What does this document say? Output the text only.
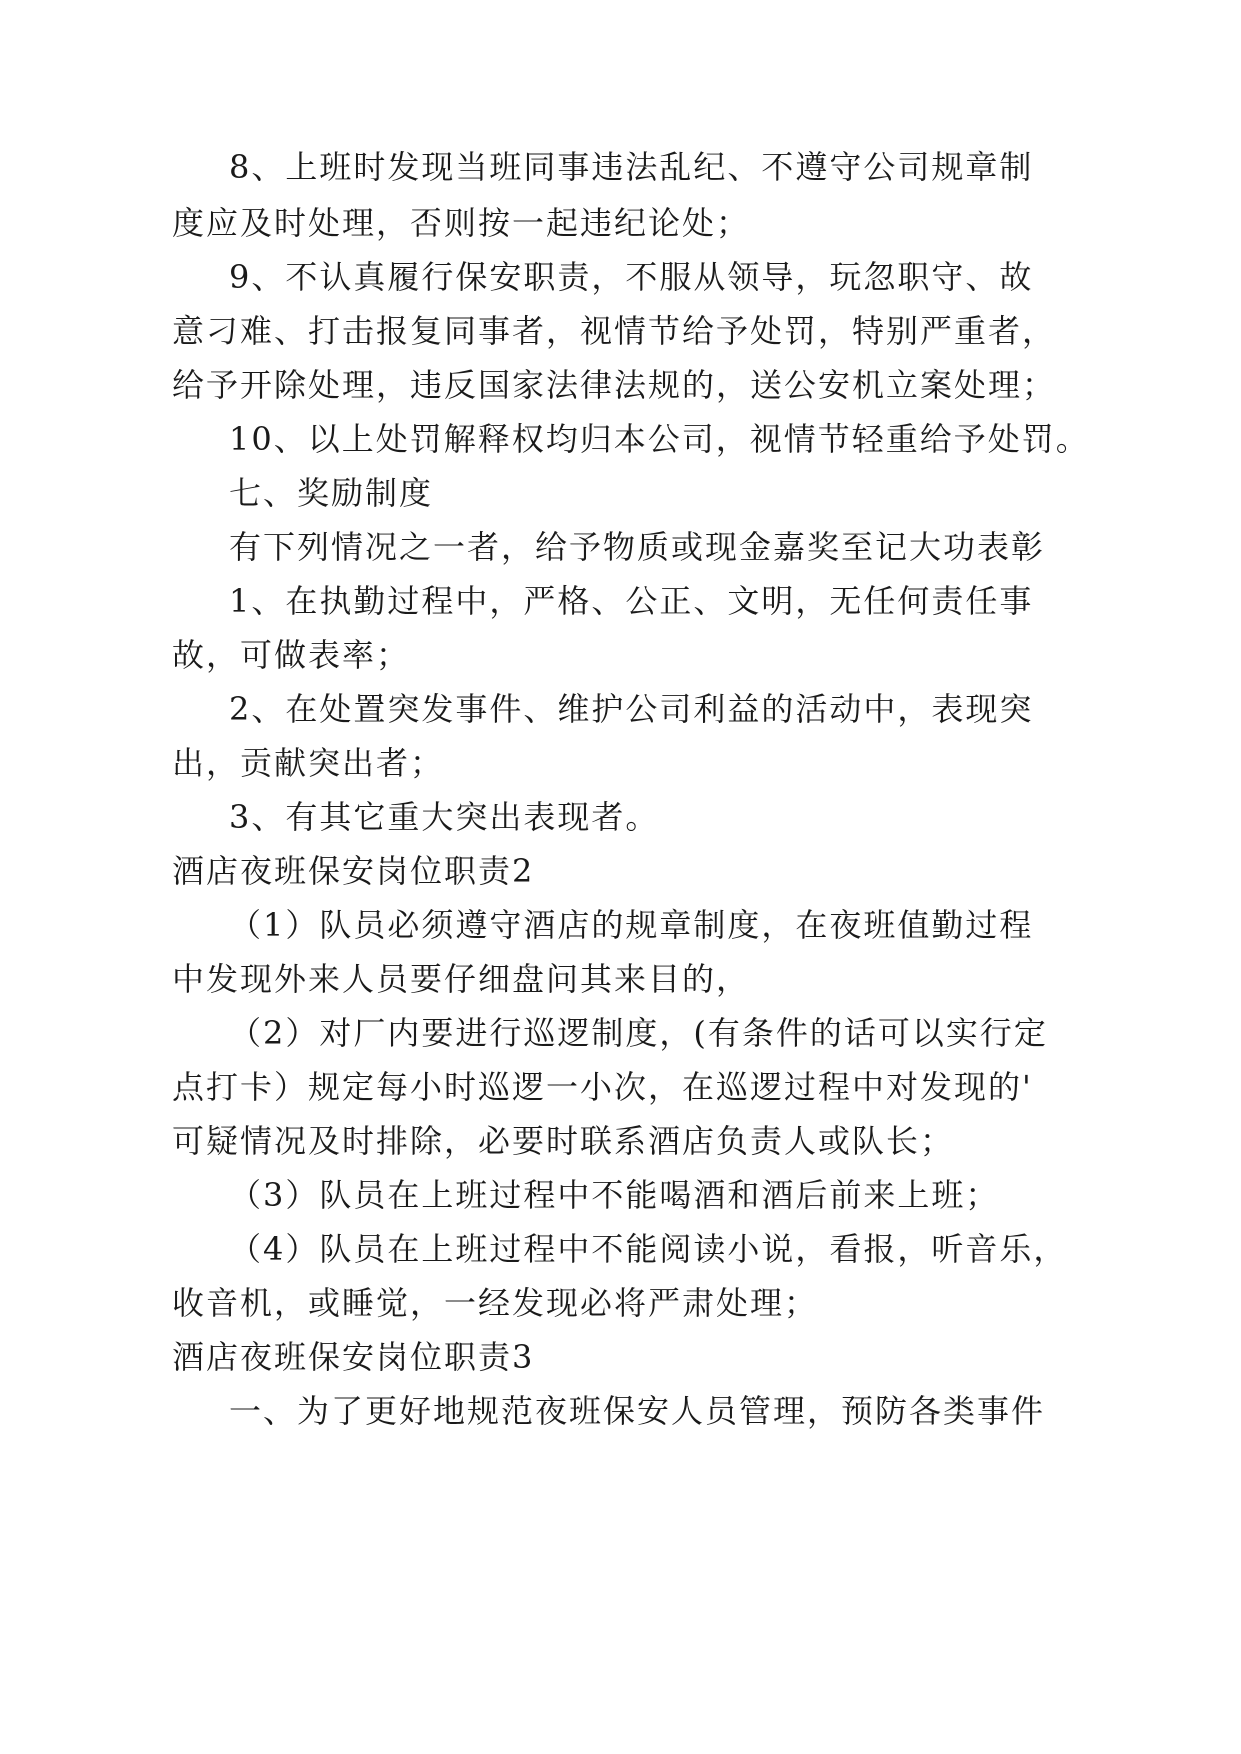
8、上班时发现当班同事违法乱纪、不遵守公司规章制
度应及时处理，否则按一起违纪论处；
9、不认真履行保安职责，不服从领导，玩忽职守、故
意刁难、打击报复同事者，视情节给予处罚，特别严重者，
给予开除处理，违反国家法律法规的，送公安机立案处理；
10、以上处罚解释权均归本公司，视情节轻重给予处罚。
七、奖励制度
有下列情况之一者，给予物质或现金嘉奖至记大功表彰
1、在执勤过程中，严格、公正、文明，无任何责任事
故，可做表率；
2、在处置突发事件、维护公司利益的活动中，表现突
出，贡献突出者；
3、有其它重大突出表现者。
酒店夜班保安岗位职责2
（1）队员必须遵守酒店的规章制度，在夜班值勤过程
中发现外来人员要仔细盘问其来目的，
（2）对厂内要进行巡逻制度，(有条件的话可以实行定
点打卡）规定每小时巡逻一小次，在巡逻过程中对发现的'
可疑情况及时排除，必要时联系酒店负责人或队长；
（3）队员在上班过程中不能喝酒和酒后前来上班；
（4）队员在上班过程中不能阅读小说，看报，听音乐，
收音机，或睡觉，一经发现必将严肃处理；
酒店夜班保安岗位职责3
一、为了更好地规范夜班保安人员管理，预防各类事件
